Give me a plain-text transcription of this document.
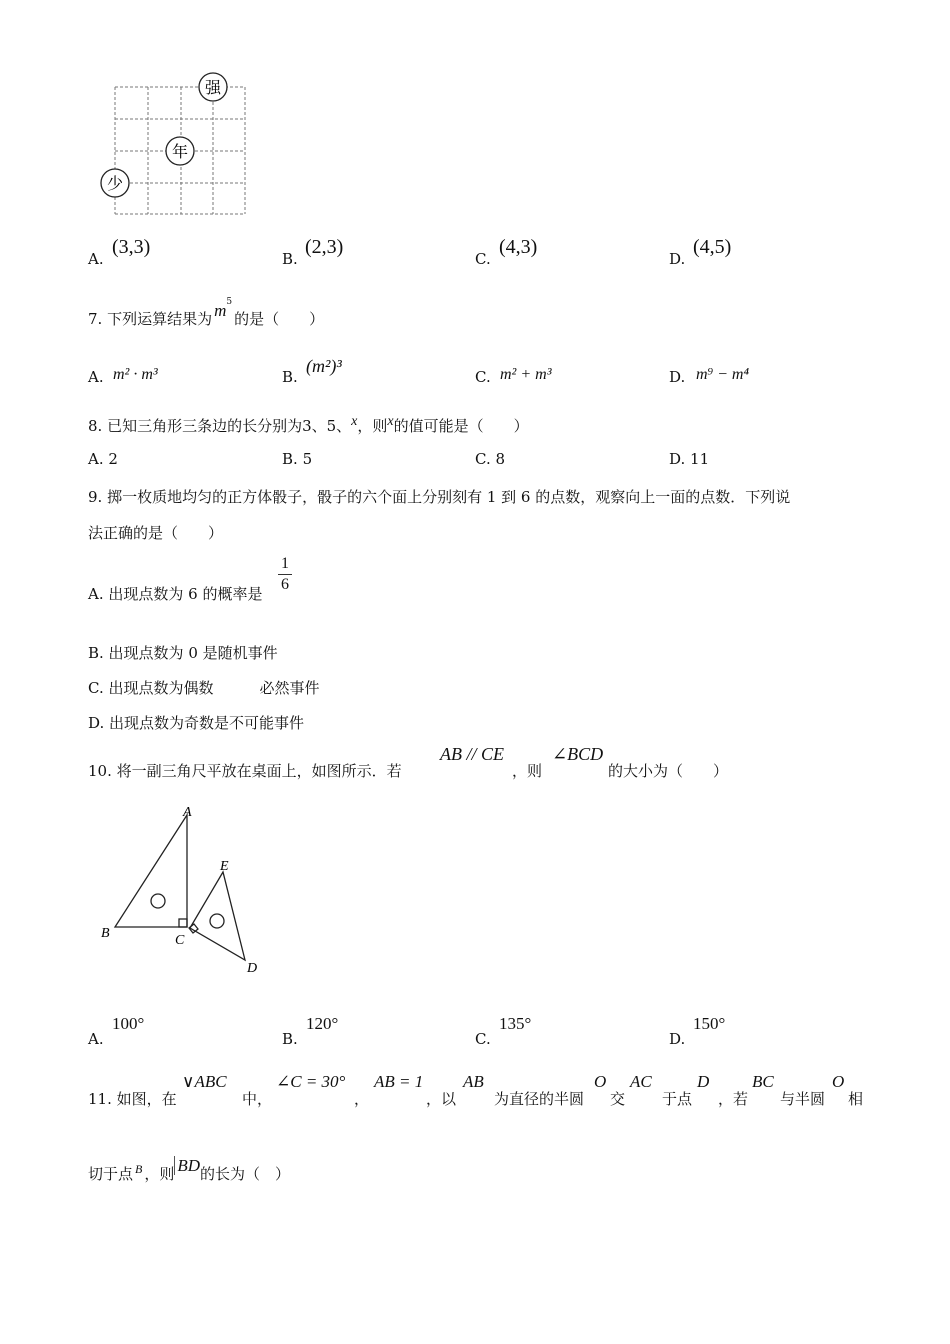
强
年
少
A.
(3,3)
B.
(2,3)
C.
(4,3)
D.
(4,5)
7. 下列运算结果为 $m^5$的是（　　）
A. m² · m³	B.
(m²)³
C. m² + m³	D. m⁹ − m⁴
8. 已知三角形三条边的长分别为3、5、x，则x的值可能是（　　）
A. 2	B. 5	C. 8	D. 11
9. 掷一枚质地均匀的正方体骰子，骰子的六个面上分别刻有 1 到 6 的点数，观察向上一面的点数．下列说
法正确的是（　　）
A. 出现点数为 6 的概率是
1
6
B. 出现点数为 0 是随机事件
C. 出现点数为偶数	必然事件
D. 出现点数为奇数是不可能事件
10. 将一副三角尺平放在桌面上，如图所示．若
AB // CE
，则
∠BCD
的大小为（　　）
A
B	C
D
E
A.
100°
B.
120°
C.
135°
D.
150°
11. 如图，在
∨ABC
中，
∠C = 30°
，
AB = 1
，以
AB
为直径的半圆
O
交
AC
于点
D
，若
BC
与半圆
O
相
切于点 $^B$ ，则 BD的长为（　）
